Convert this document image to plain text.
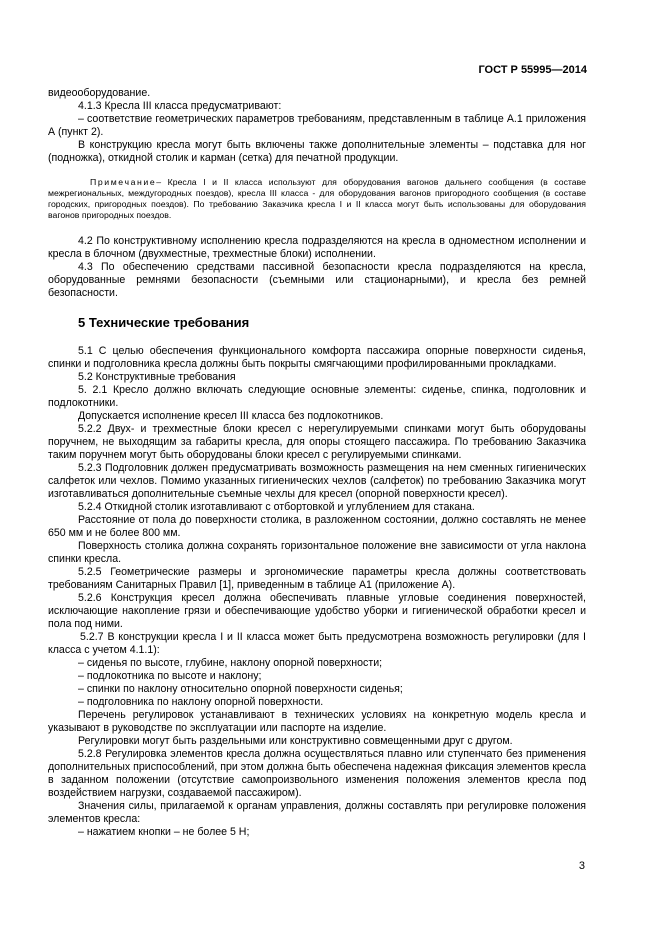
ГОСТ Р 55995—2014

видеооборудование.

4.1.3 Кресла III класса предусматривают:

– соответствие геометрических параметров требованиям, представленным в таблице А.1 приложения А (пункт 2).

В конструкцию кресла могут быть включены также дополнительные элементы – подставка для ног (подножка), откидной столик и карман (сетка) для печатной продукции.

Примечание– Кресла I и II класса используют для оборудования вагонов дальнего сообщения (в составе межрегиональных, междугородных поездов), кресла III класса - для оборудования вагонов пригородного сообщения (в составе городских, пригородных поездов). По требованию Заказчика кресла I и II класса могут быть использованы для оборудования вагонов пригородных поездов.

4.2 По конструктивному исполнению кресла подразделяются на кресла в одноместном исполнении и кресла в блочном (двухместные, трехместные блоки) исполнении.

4.3 По обеспечению средствами пассивной безопасности кресла подразделяются на кресла, оборудованные ремнями безопасности (съемными или стационарными), и кресла без ремней безопасности.

5 Технические требования

5.1 С целью обеспечения функционального комфорта пассажира опорные поверхности сиденья, спинки и подголовника кресла должны быть покрыты смягчающими профилированными прокладками.

5.2 Конструктивные требования

5. 2.1 Кресло должно включать следующие основные элементы: сиденье, спинка, подголовник и подлокотники.

Допускается исполнение кресел III класса без подлокотников.

5.2.2 Двух- и трехместные блоки кресел с нерегулируемыми спинками могут быть оборудованы поручнем, не выходящим за габариты кресла, для опоры стоящего пассажира. По требованию Заказчика таким поручнем могут быть оборудованы блоки кресел с регулируемыми спинками.

5.2.3 Подголовник должен предусматривать возможность размещения на нем сменных гигиенических салфеток или чехлов. Помимо указанных гигиенических чехлов (салфеток) по требованию Заказчика могут изготавливаться дополнительные съемные чехлы для кресел (опорной поверхности кресел).

5.2.4 Откидной столик изготавливают с отбортовкой и углублением для стакана.

Расстояние от пола до поверхности столика, в разложенном состоянии, должно составлять не менее 650 мм и не более 800 мм.

Поверхность столика должна сохранять горизонтальное положение вне зависимости от угла наклона спинки кресла.

5.2.5 Геометрические размеры и эргономические параметры кресла должны соответствовать требованиям Санитарных Правил [1], приведенным в таблице А1 (приложение А).

5.2.6 Конструкция кресел должна обеспечивать плавные угловые соединения поверхностей, исключающие накопление грязи и обеспечивающие удобство уборки и гигиенической обработки кресел и пола под ними.

5.2.7 В конструкции кресла I и II класса может быть предусмотрена возможность регулировки (для I класса с учетом 4.1.1):

– сиденья по высоте, глубине, наклону опорной поверхности;

– подлокотника по высоте и наклону;

– спинки по наклону относительно опорной поверхности сиденья;

– подголовника по наклону опорной поверхности.

Перечень регулировок устанавливают в технических условиях на конкретную модель кресла и указывают в руководстве по эксплуатации или паспорте на изделие.

Регулировки могут быть раздельными или конструктивно совмещенными друг с другом.

5.2.8 Регулировка элементов кресла должна осуществляться плавно или ступенчато без применения дополнительных приспособлений, при этом должна быть обеспечена надежная фиксация элементов кресла в заданном положении (отсутствие самопроизвольного изменения положения элементов кресла под воздействием нагрузки, создаваемой пассажиром).

Значения силы, прилагаемой к органам управления, должны составлять при регулировке положения элементов кресла:

– нажатием кнопки – не более 5 Н;

3
